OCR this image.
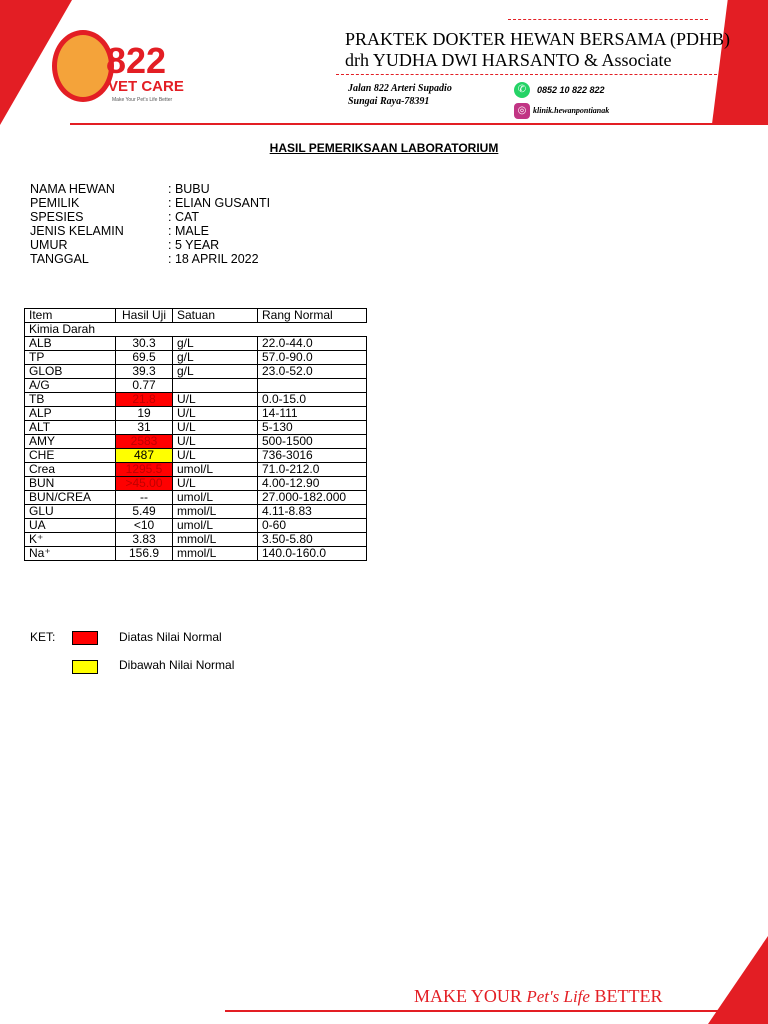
822
VET CARE
Make Your Pet's Life Better
PRAKTEK DOKTER HEWAN BERSAMA (PDHB)
drh YUDHA DWI HARSANTO & Associate
Jalan 822 Arteri Supadio
Sungai Raya-78391
✆	0852 10 822 822
◎ klinik.hewanpontianak
HASIL PEMERIKSAAN LABORATORIUM
NAMA HEWAN	: BUBU
PEMILIK	: ELIAN GUSANTI
SPESIES	: CAT
JENIS KELAMIN	: MALE
UMUR	: 5 YEAR
TANGGAL	: 18 APRIL 2022
Item	Hasil Uji	Satuan	Rang Normal
Kimia Darah			
ALB	30.3	g/L	22.0-44.0
TP	69.5	g/L	57.0-90.0
GLOB	39.3	g/L	23.0-52.0
A/G	0.77		
TB	21.8	U/L	0.0-15.0
ALP	19	U/L	14-111
ALT	31	U/L	5-130
AMY	2583	U/L	500-1500
CHE	487	U/L	736-3016
Crea	1295.5	umol/L	71.0-212.0
BUN	>45.00	U/L	4.00-12.90
BUN/CREA	--	umol/L	27.000-182.000
GLU	5.49	mmol/L	4.11-8.83
UA	<10	umol/L	0-60
K⁺	3.83	mmol/L	3.50-5.80
Na⁺	156.9	mmol/L	140.0-160.0
KET:	Diatas Nilai Normal
Dibawah Nilai Normal
MAKE YOUR Pet's Life BETTER
